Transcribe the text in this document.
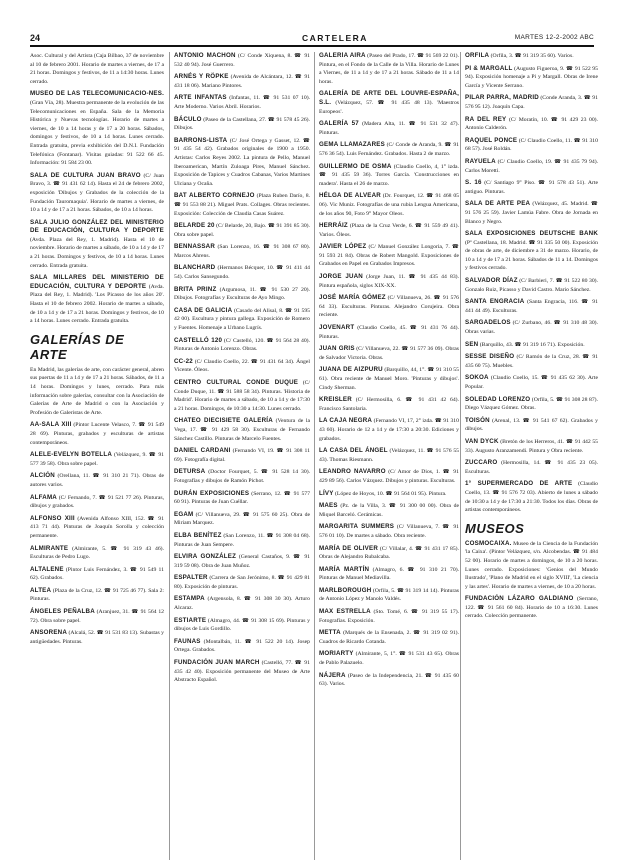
24	CARTELERA	MARTES 12-2-2002 ABC

Asoc. Cultural y del Artista (Caja Bilbao, 37 de noviembre al 10 de febrero 2001. Horario de martes a viernes, de 17 a 21 horas. Domingos y festivos, de 11 a 14:30 horas. Lunes cerrado.

MUSEO DE LAS TELECOMUNICACIO-NES. (Gran Vía, 28). Muestra permanente de la evolución de las Telecomunicaciones en España. Sala de la Memoria Histórica y Nuevas tecnologías. Horario de martes a viernes, de 10 a 14 horas y de 17 a 20 horas. Sábados, domingos y festivos, de 10 a 14 horas. Lunes cerrado. Entrada gratuita, previa exhibición del D.N.I. Fundación Telefónica (Fontanar). Visitas guiadas: 91 522 66 45. Información: 91 584 23 00.

SALA DE CULTURA JUAN BRAVO (C/ Juan Bravo, 3. ☎ 91 431 62 14). Hasta el 24 de febrero 2002, exposición 'Dibujos y Grabados de la colección de la Fundación Tauromaquia'. Horario de martes a viernes, de 10 a 14 y de 17 a 21 horas. Sábados, de 10 a 14 horas.

SALA JULIO GONZÁLEZ DEL MINISTERIO DE EDUCACIÓN, CULTURA Y DEPORTE (Avda. Plaza del Rey, 1. Madrid). Hasta el 10 de noviembre. Horario de martes a sábado, de 10 a 14 y de 17 a 21 horas. Domingos y festivos, de 10 a 14 horas. Lunes cerrado. Entrada gratuita.

SALA MILLARES DEL MINISTERIO DE EDUCACIÓN, CULTURA Y DEPORTE (Avda. Plaza del Rey, 1. Madrid). 'Los Picasso de los años 20'. Hasta el 10 de febrero 2002. Horario de martes a sábado, de 10 a 14 y de 17 a 21 horas. Domingos y festivos, de 10 a 14 horas. Lunes cerrado. Entrada gratuita.

GALERÍAS DE ARTE

En Madrid, las galerías de arte, con carácter general, abren sus puertas de 11 a 14 y de 17 a 21 horas. Sábados, de 11 a 14 horas. Domingos y lunes, cerrado. Para más información sobre galerías, consultar con la Asociación de Galerías de Arte de Madrid o con la Asociación y Profesión de Galeristas de Arte.

AA-SALA XIII (Pintor Lucente Velasco, 7. ☎ 91 549 28 69). Pinturas, grabados y esculturas de artistas contemporáneos.

ALELE-EVELYN BOTELLA (Velázquez, 9. ☎ 91 577 39 58). Obra sobre papel.

ALCIÓN (Orellana, 11. ☎ 91 310 21 71). Obras de autores varios.

ALFAMA (C/ Fernando, 7. ☎ 91 521 77 26). Pinturas, dibujos y grabados.

ALFONSO XIII (Avenida Alfonso XIII, 152. ☎ 91 413 71 44). Pinturas de Joaquín Sorolla y colección permanente.

ALMIRANTE (Almirante, 5. ☎ 91 319 43 46). Esculturas de Pedro Lugo.

ALTALENE (Pintor Luis Fernández, 3. ☎ 91 549 11 62). Grabados.

ALTEA (Plaza de la Cruz, 12. ☎ 91 725 46 77). Sala 2: Pinturas.

ÁNGELES PEÑALBA (Aranjuez, 31. ☎ 91 564 12 72). Obra sobre papel.

ANSORENA (Alcalá, 52. ☎ 91 531 83 13). Subastas y antigüedades. Pinturas.

ANTONIO MACHÓN (C/ Conde Xiquena, 8. ☎ 91 532 40 94). José Guerrero.

ARNÉS Y RÖPKE (Avenida de Alcántara, 12. ☎ 91 431 18 06). Mariano Pintores.

ARTE INFANTAS (Infantas, 11. ☎ 91 531 07 10). Arte Moderno. Varios Abril. Horarios.

BÁCULO (Paseo de la Castellana, 27. ☎ 91 578 45 26). Dibujos.

BARRONS-LISTA (C/ José Ortega y Gasset, 12. ☎ 91 435 54 42). Grabados originales de 1900 a 1950. Artistas: Carlos Reyes 2002. La pintura de Pello, Manuel Iberoamerican, Martín Zuloaga Pires, Manuel Sánchez. Exposición de Tapices y Cuadros Cabanas, Varios Martines Ulciana y Ocaña.

BAT ALBERTO CORNEJO (Plaza Ruben Darío, 8. ☎ 91 553 88 21). Miguel Prats. Collages. Obras recientes. Exposición: Colección de Claudia Casas Suárez.

BELARDE 20 (C/ Belarde, 20, Bajo. ☎ 91 391 85 30). Obra sobre papel.

BENNASSAR (San Lorenzo, 16. ☎ 91 308 67 80). Marcos Ahrens.

BLANCHARD (Hermanos Bécquer, 10. ☎ 91 411 44 54). Carlos Sansegundo.

BRITA PRINZ (Argumosa, 11. ☎ 91 530 27 20). Dibujos. Fotografías y Esculturas de Ayo Mingo.

CASA DE GALICIA (Casado del Alisal, 8. ☎ 91 595 42 00). Escultura y pintura gallega. Exposición de Romero y Fuentes. Homenaje a Urbano Lugrís.

CASTELLÓ 120 (C/ Castelló, 120. ☎ 91 564 28 40). Pinturas de Antonio Lorenzo. Obras.

CC-22 (C/ Claudio Coello, 22. ☎ 91 431 64 34). Ángel Vicente. Óleos.

CENTRO CULTURAL CONDE DUQUE (C/ Conde Duque, 11. ☎ 91 588 58 34). Pinturas. 'Historia de Madrid'. Horario de martes a sábado, de 10 a 14 y de 17:30 a 21 horas. Domingos, de 10:30 a 14:30. Lunes cerrado.

CHATEO DIECISIETE GALERÍA (Ventura de la Vega, 17. ☎ 91 429 58 30). Esculturas de Fernando Sánchez Castillo. Pinturas de Marcelo Fuentes.

DANIEL CARDANI (Fernando VI, 19. ☎ 91 308 11 69). Fotografía digital.

DETURSA (Doctor Fourquet, 5. ☎ 91 528 14 30). Fotografías y dibujos de Ramón Pichot.

DURÁN EXPOSICIONES (Serrano, 12. ☎ 91 577 60 91). Pinturas de Juan Cuéllar.

EGAM (C/ Villanueva, 29. ☎ 91 575 60 25). Obra de Miriam Marquez.

ELBA BENÍTEZ (San Lorenzo, 11. ☎ 91 308 04 68). Pinturas de Juan Sempere.

ELVIRA GONZÁLEZ (General Castaños, 9. ☎ 91 319 59 08). Obra de Juan Muñoz.

ESPALTER (Carrera de San Jerónimo, 8. ☎ 91 429 81 80). Exposición de pinturas.

ESTAMPA (Argensola, 8. ☎ 91 308 30 30). Arturo Alcaraz.

ESTIARTE (Almagro, 44. ☎ 91 308 15 69). Pinturas y dibujos de Luis Gordillo.

FAUNAS (Montalbán, 11. ☎ 91 522 20 14). Josep Ortega. Grabados.

FUNDACIÓN JUAN MARCH (Castelló, 77. ☎ 91 435 42 40). Exposición permanente del Museo de Arte Abstracto Español.

GALERÍA AIRÁ (Paseo del Prado, 17. ☎ 91 569 22 01). Pintura, en el Fondo de la Calle de la Villa. Horario de Lunes a Viernes, de 11 a 14 y de 17 a 21 horas. Sábado de 11 a 14 horas.

GALERÍA DE ARTE DEL LOUVRE-ESPAÑA, S.L. (Velázquez, 57. ☎ 91 435 48 13). 'Maestros Europeos'.

GALERÍA 57 (Madera Alta, 11. ☎ 91 531 32 47). Pinturas.

GEMA LLAMAZARES (C/ Conde de Aranda, 9. ☎ 91 576 36 54). Luis Fernández. Grabados. Hasta 2 de marzo.

GUILLERMO DE OSMA (Claudio Coello, 4, 1° izda. ☎ 91 435 59 36). Torres García. 'Construcciones en madera'. Hasta el 26 de marzo.

HÉLGA DE ALVEAR (Dr. Fourquet, 12. ☎ 91 468 05 06). Vic Muniz. Fotografías de una rubia Lengua Americana, de los años 90, Foto 9° Mayor Oleos.

HERRÁIZ (Plaza de la Cruz Verde, 6. ☎ 91 559 49 41). Varios. Óleos.

JAVIER LÓPEZ (C/ Manuel González Longoria, 7. ☎ 91 593 21 84). Obras de Robert Mangold. Exposiciones de Grabados en Papel en Grabados Impresos.

JORGE JUAN (Jorge Juan, 11. ☎ 91 435 44 83). Pintura española, siglos XIX-XX.

JOSÉ MARÍA GÓMEZ (C/ Villanueva, 26. ☎ 91 576 64 33). Esculturas. Pinturas. Alejandro Corujeira. Obra reciente.

JOVENART (Claudio Coello, 45. ☎ 91 431 76 44). Pinturas.

JUAN GRIS (C/ Villanueva, 22. ☎ 91 577 36 09). Obras de Salvador Victoria. Obras.

JUANA DE AIZPURU (Barquillo, 44, 1°. ☎ 91 310 55 61). Obra reciente de Manuel Moro. 'Pinturas y dibujos'. Cindy Sherman.

KREISLER (C/ Hermosilla, 6. ☎ 91 431 42 64). Francisco Santolaria.

LA CAJA NEGRA (Fernando VI, 17, 2° izda. ☎ 91 310 43 60). Horario de 12 a 14 y de 17:30 a 20:30. Ediciones y grabados.

LA CASA DEL ÁNGEL (Velázquez, 11. ☎ 91 576 55 43). Thomas Riesmann.

LEANDRO NAVARRO (C/ Amor de Dios, 1. ☎ 91 429 89 56). Carlos Vázquez. Dibujos y pinturas. Esculturas.

LÍVY (López de Hoyos, 10. ☎ 91 564 01 95). Pintura.

MAES (Pz. de la Villa, 3. ☎ 91 300 00 00). Obra de Miquel Barceló. Cerámicas.

MARGARITA SUMMERS (C/ Villanueva, 7. ☎ 91 576 01 10). De martes a sábado. Obra reciente.

MARÍA DE OLIVER (C/ Villalar, 4. ☎ 91 431 17 85). Obras de Alejandro Rubalcaba.

MARÍA MARTÍN (Almagro, 6. ☎ 91 310 21 70). Pinturas de Manuel Mediavilla.

MARLBOROUGH (Orfila, 5. ☎ 91 319 14 14). Pinturas de Antonio López y Manolo Valdés.

MAX ESTRELLA (Sto. Tomé, 6. ☎ 91 319 55 17). Fotografías. Exposición.

METTA (Marqués de la Ensenada, 2. ☎ 91 319 02 91). Cuadros de Ricardo Cotanda.

MORIARTY (Almirante, 5, 1°. ☎ 91 531 43 65). Obras de Pablo Palazuelo.

NÁJERA (Paseo de la Independencia, 21. ☎ 91 435 60 63). Varios.

ORFILA (Orfila, 3. ☎ 91 319 35 60). Varios.

PI & MARGALL (Augusto Figueroa, 9. ☎ 91 522 95 94). Exposición homenaje a Pi y Margall. Obras de Irene García y Vicente Serrano.

PILAR PARRA, MADRID (Conde Aranda, 3. ☎ 91 576 95 12). Joaquín Capa.

RA DEL REY (C/ Moratín, 10. ☎ 91 429 23 00). Antonio Calderón.

RAQUEL PONCE (C/ Claudio Coello, 11. ☎ 91 310 68 57). José Roldán.

RAYUELA (C/ Claudio Coello, 19. ☎ 91 435 79 94). Carlos Moretti.

S. 16 (C/ Santiago 9° Piso. ☎ 91 578 43 51). Arte antiguo. Pinturas.

SALA DE ARTE PEA (Velázquez, 45. Madrid. ☎ 91 576 25 59). Javier Lamúa Fabre. Obra de Jornada en Blanco y Negro.

SALA EXPOSICIONES DEUTSCHE BANK (Pº Castellana, 18. Madrid. ☎ 91 335 50 00). Exposición de obras de arte, de diciembre a 31 de marzo. Horario, de 10 a 14 y de 17 a 21 horas. Sábados de 11 a 14. Domingos y festivos cerrado.

SALVADOR DÍAZ (C/ Barbieri, 7. ☎ 91 522 80 30). Gonzalo Ruiz, Picasso y David Castro. Mario Sánchez.

SANTA ENGRACIA (Santa Engracia, 116. ☎ 91 441 44 49). Esculturas.

SARGADELOS (C/ Zurbano, 46. ☎ 91 310 48 30). Obras varias.

SEN (Barquillo, 43. ☎ 91 319 16 71). Exposición.

SESSE DISEÑO (C/ Ramón de la Cruz, 28. ☎ 91 435 60 75). Muebles.

SOKOA (Claudio Coello, 15. ☎ 91 435 62 30). Arte Popular.

SOLEDAD LORENZO (Orfila, 5. ☎ 91 308 28 87). Diego Vázquez Gómez. Obras.

TOISÓN (Arenal, 13. ☎ 91 541 67 62). Grabados y dibujos.

VAN DYCK (Bretón de los Herreros, 41. ☎ 91 442 55 33). Augusto Aranzamendi. Pintura y Obra reciente.

ZUCCARO (Hermosilla, 14. ☎ 91 435 23 05). Esculturas.

1° SUPERMERCADO DE ARTE (Claudio Coello, 13. ☎ 91 576 72 03). Abierto de lunes a sábado de 10:30 a 14 y de 17:30 a 21:30. Todos los días. Obras de artistas contemporáneos.

MUSEOS

COSMOCAIXA. Museo de la Ciencia de la Fundación 'la Caixa'. (Pintor Velázquez, s/n. Alcobendas. ☎ 91 484 52 00). Horario de martes a domingos, de 10 a 20 horas. Lunes cerrado. Exposiciones: 'Genios del Mundo Ilustrado', 'Plano de Madrid en el siglo XVIII', 'La ciencia y las artes'. Horario de martes a viernes, de 10 a 20 horas.

FUNDACIÓN LÁZARO GALDIANO (Serrano, 122. ☎ 91 561 60 84). Horario de 10 a 16:30. Lunes cerrado. Colección permanente.
